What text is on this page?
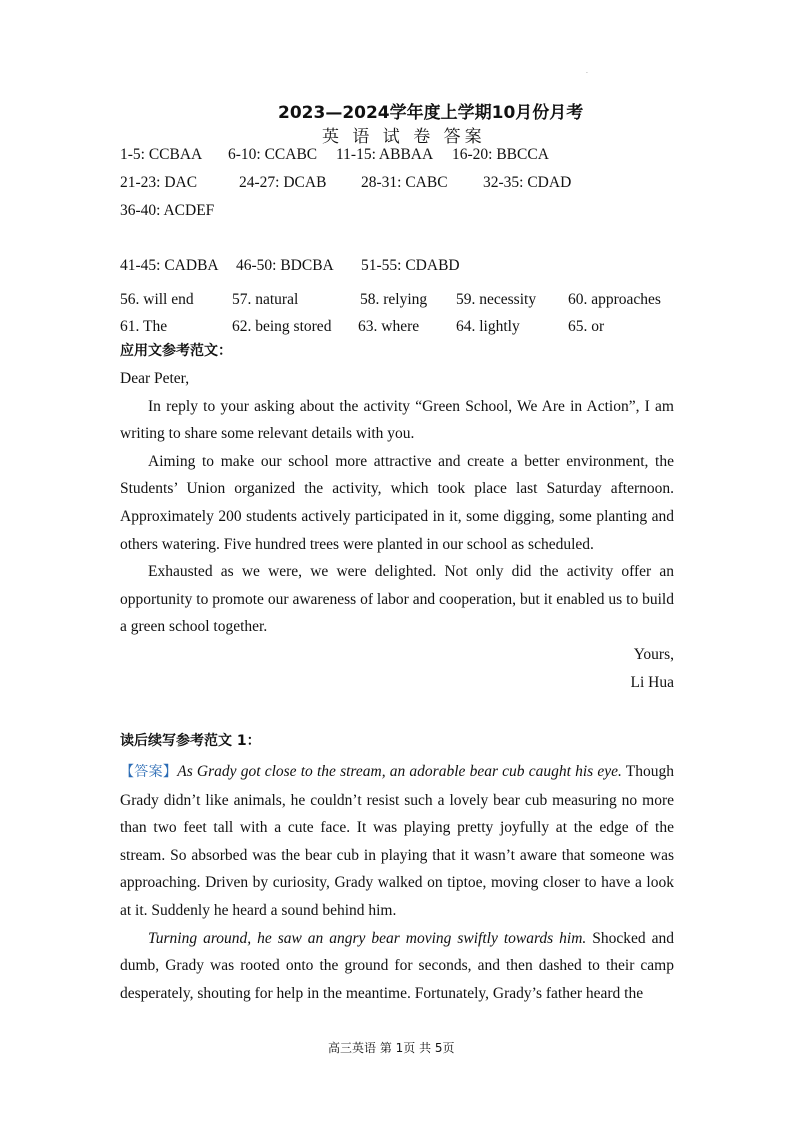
.
2023—2024学年度上学期10月份月考
英 语 试 卷 答案
1-5: CCBAA 6-10: CCABC 11-15: ABBAA 16-20: BBCCA
21-23: DAC	24-27: DCAB 28-31: CABC 32-35: CDAD
36-40: ACDEF
41-45: CADBA 46-50: BDCBA 51-55: CDABD
56. will end 57. natural	58. relying 59. necessity 60. approaches
61. The	62. being stored 63. where 64. lightly	65. or
应用文参考范文：

Dear Peter,

In reply to your asking about the activity “Green School, We Are in Action”, I am writing to share some relevant details with you.

Aiming to make our school more attractive and create a better environment, the Students’ Union organized the activity, which took place last Saturday afternoon. Approximately 200 students actively participated in it, some digging, some planting and others watering. Five hundred trees were planted in our school as scheduled.

Exhausted as we were, we were delighted. Not only did the activity offer an opportunity to promote our awareness of labor and cooperation, but it enabled us to build a green school together.

Yours,

Li Hua

读后续写参考范文 1：

【答案】As Grady got close to the stream, an adorable bear cub caught his eye. Though Grady didn’t like animals, he couldn’t resist such a lovely bear cub measuring no more than two feet tall with a cute face. It was playing pretty joyfully at the edge of the stream. So absorbed was the bear cub in playing that it wasn’t aware that someone was approaching. Driven by curiosity, Grady walked on tiptoe, moving closer to have a look at it. Suddenly he heard a sound behind him.

Turning around, he saw an angry bear moving swiftly towards him. Shocked and dumb, Grady was rooted onto the ground for seconds, and then dashed to their camp desperately, shouting for help in the meantime. Fortunately, Grady’s father heard the

高三英语 第 1页 共 5页
